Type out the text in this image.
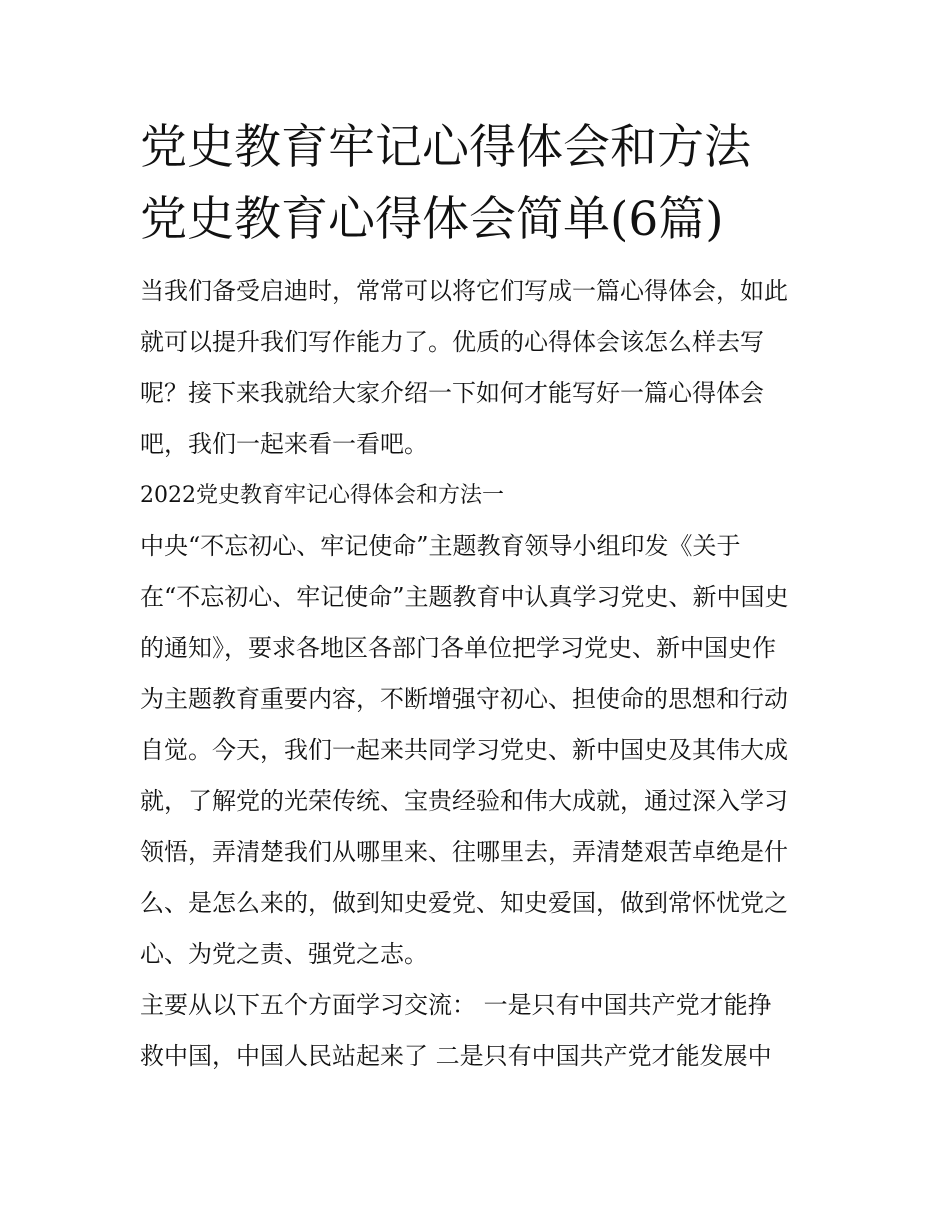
党史教育牢记心得体会和方法
党史教育心得体会简单(6篇)

当我们备受启迪时，常常可以将它们写成一篇心得体会，如此
就可以提升我们写作能力了。优质的心得体会该怎么样去写
呢？接下来我就给大家介绍一下如何才能写好一篇心得体会
吧，我们一起来看一看吧。

2022党史教育牢记心得体会和方法一

中央“不忘初心、牢记使命”主题教育领导小组印发《关于
在“不忘初心、牢记使命”主题教育中认真学习党史、新中国史
的通知》，要求各地区各部门各单位把学习党史、新中国史作
为主题教育重要内容，不断增强守初心、担使命的思想和行动
自觉。今天，我们一起来共同学习党史、新中国史及其伟大成
就，了解党的光荣传统、宝贵经验和伟大成就，通过深入学习
领悟，弄清楚我们从哪里来、往哪里去，弄清楚艰苦卓绝是什
么、是怎么来的，做到知史爱党、知史爱国，做到常怀忧党之
心、为党之责、强党之志。

主要从以下五个方面学习交流： 一是只有中国共产党才能挣
救中国，中国人民站起来了 二是只有中国共产党才能发展中
